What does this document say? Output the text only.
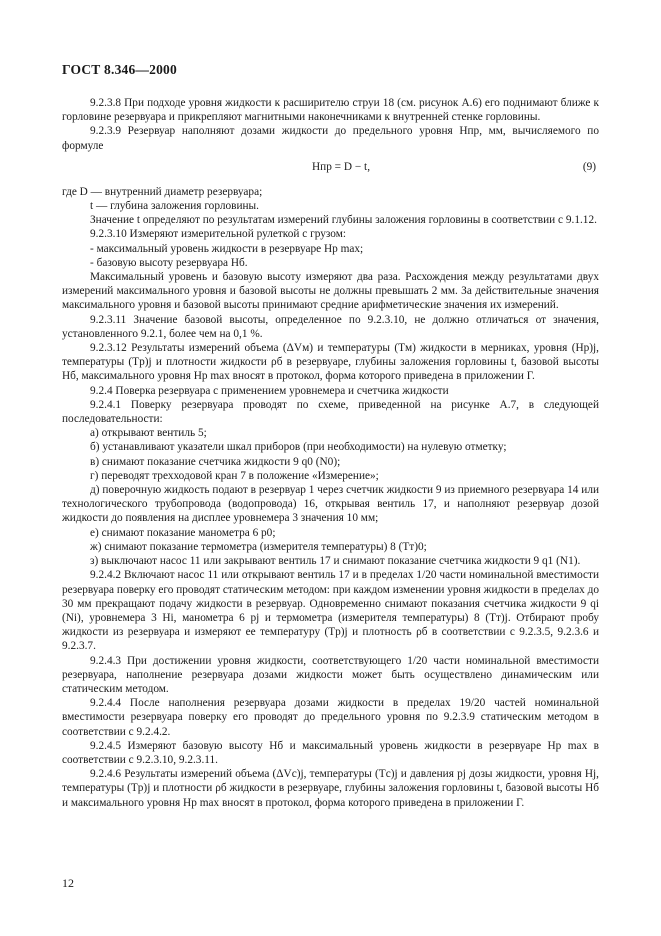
ГОСТ 8.346—2000

9.2.3.8 При подходе уровня жидкости к расширителю струи 18 (см. рисунок А.6) его поднимают ближе к горловине резервуара и прикрепляют магнитными наконечниками к внутренней стенке горловины.

9.2.3.9 Резервуар наполняют дозами жидкости до предельного уровня Hпр, мм, вычисляемого по формуле

Hпр = D − t,	(9)

где D — внутренний диаметр резервуара;

t — глубина заложения горловины.

Значение t определяют по результатам измерений глубины заложения горловины в соответствии с 9.1.12.

9.2.3.10 Измеряют измерительной рулеткой с грузом:

- максимальный уровень жидкости в резервуаре Hр max;

- базовую высоту резервуара Hб.

Максимальный уровень и базовую высоту измеряют два раза. Расхождения между результатами двух измерений максимального уровня и базовой высоты не должны превышать 2 мм. За действительные значения максимального уровня и базовой высоты принимают средние арифметические значения их измерений.

9.2.3.11 Значение базовой высоты, определенное по 9.2.3.10, не должно отличаться от значения, установленного 9.2.1, более чем на 0,1 %.

9.2.3.12 Результаты измерений объема (ΔVм) и температуры (Tм) жидкости в мерниках, уровня (Hр)j, температуры (Tр)j и плотности жидкости ρб в резервуаре, глубины заложения горловины t, базовой высоты Hб, максимального уровня Hр max вносят в протокол, форма которого приведена в приложении Г.

9.2.4 Поверка резервуара с применением уровнемера и счетчика жидкости

9.2.4.1 Поверку резервуара проводят по схеме, приведенной на рисунке А.7, в следующей последовательности:

а) открывают вентиль 5;

б) устанавливают указатели шкал приборов (при необходимости) на нулевую отметку;

в) снимают показание счетчика жидкости 9 q0 (N0);

г) переводят трехходовой кран 7 в положение «Измерение»;

д) поверочную жидкость подают в резервуар 1 через счетчик жидкости 9 из приемного резервуара 14 или технологического трубопровода (водопровода) 16, открывая вентиль 17, и наполняют резервуар дозой жидкости до появления на дисплее уровнемера 3 значения 10 мм;

е) снимают показание манометра 6 p0;

ж) снимают показание термометра (измерителя температуры) 8 (Tт)0;

з) выключают насос 11 или закрывают вентиль 17 и снимают показание счетчика жидкости 9 q1 (N1).

9.2.4.2 Включают насос 11 или открывают вентиль 17 и в пределах 1/20 части номинальной вместимости резервуара поверку его проводят статическим методом: при каждом изменении уровня жидкости в пределах до 30 мм прекращают подачу жидкости в резервуар. Одновременно снимают показания счетчика жидкости 9 qi (Ni), уровнемера 3 Hi, манометра 6 pj и термометра (измерителя температуры) 8 (Tт)j. Отбирают пробу жидкости из резервуара и измеряют ее температуру (Tр)j и плотность ρб в соответствии с 9.2.3.5, 9.2.3.6 и 9.2.3.7.

9.2.4.3 При достижении уровня жидкости, соответствующего 1/20 части номинальной вместимости резервуара, наполнение резервуара дозами жидкости может быть осуществлено динамическим или статическим методом.

9.2.4.4 После наполнения резервуара дозами жидкости в пределах 19/20 частей номинальной вместимости резервуара поверку его проводят до предельного уровня по 9.2.3.9 статическим методом в соответствии с 9.2.4.2.

9.2.4.5 Измеряют базовую высоту Hб и максимальный уровень жидкости в резервуаре Hр max в соответствии с 9.2.3.10, 9.2.3.11.

9.2.4.6 Результаты измерений объема (ΔVс)j, температуры (Tс)j и давления pj дозы жидкости, уровня Hj, температуры (Tр)j и плотности ρб жидкости в резервуаре, глубины заложения горловины t, базовой высоты Hб и максимального уровня Hр max вносят в протокол, форма которого приведена в приложении Г.

12
